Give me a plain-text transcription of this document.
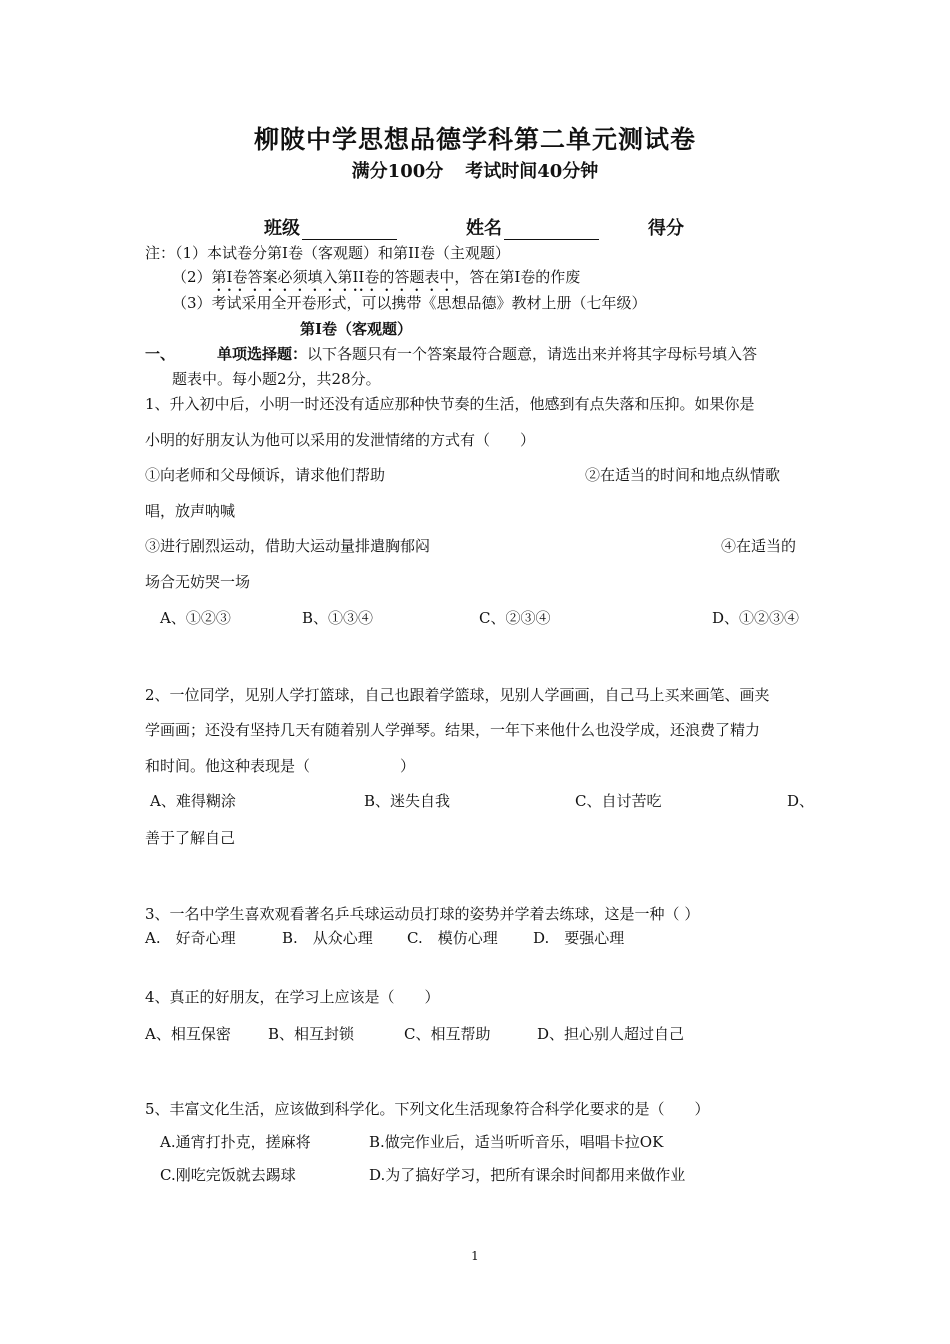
柳陂中学思想品德学科第二单元测试卷
满分100分 考试时间40分钟
班级	姓名	得分
注：（1）本试卷分第Ⅰ卷（客观题）和第II卷（主观题）
（2）第Ⅰ卷答案必须填入第II卷的答题表中，答在第Ⅰ卷的作废
（3）考试采用全开卷形式，可以携带《思想品德》教材上册（七年级）
第Ⅰ卷（客观题）
一、	单项选择题：以下各题只有一个答案最符合题意，请选出来并将其字母标号填入答
题表中。每小题2分，共28分。
1、升入初中后，小明一时还没有适应那种快节奏的生活，他感到有点失落和压抑。如果你是
小明的好朋友认为他可以采用的发泄情绪的方式有（　　）
①向老师和父母倾诉，请求他们帮助	②在适当的时间和地点纵情歌
唱，放声呐喊
③进行剧烈运动，借助大运动量排遣胸郁闷	④在适当的
场合无妨哭一场
A、①②③	B、①③④	C、②③④	D、①②③④
2、一位同学，见别人学打篮球，自己也跟着学篮球，见别人学画画，自己马上买来画笔、画夹
学画画；还没有坚持几天有随着别人学弹琴。结果，一年下来他什么也没学成，还浪费了精力
和时间。他这种表现是（　　　　　　）
A、难得糊涂	B、迷失自我	C、自讨苦吃	D、
善于了解自己
3、一名中学生喜欢观看著名乒乓球运动员打球的姿势并学着去练球，这是一种（ ）
A.　好奇心理	B.　从众心理 C.　模仿心理 D.　要强心理
4、真正的好朋友，在学习上应该是（　　）
A、相互保密 B、相互封锁	C、相互帮助	D、担心别人超过自己
5、丰富文化生活，应该做到科学化。下列文化生活现象符合科学化要求的是（　　）
A.通宵打扑克，搓麻将	B.做完作业后，适当听听音乐，唱唱卡拉OK
C.刚吃完饭就去踢球	D.为了搞好学习，把所有课余时间都用来做作业
1
